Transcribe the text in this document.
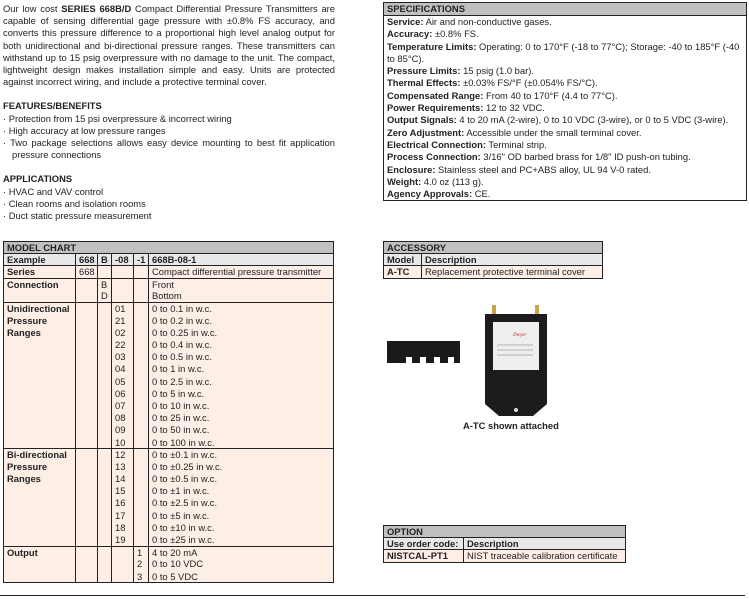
Our low cost SERIES 668B/D Compact Differential Pressure Transmitters are capable of sensing differential gage pressure with ±0.8% FS accuracy, and converts this pressure difference to a proportional high level analog output for both unidirectional and bi-directional pressure ranges. These transmitters can withstand up to 15 psig overpressure with no damage to the unit. The compact, lightweight design makes installation simple and easy. Units are protected against incorrect wiring, and include a protective terminal cover.

FEATURES/BENEFITS
· Protection from 15 psi overpressure & incorrect wiring
· High accuracy at low pressure ranges
· Two package selections allows easy device mounting to best fit application pressure connections
APPLICATIONS
· HVAC and VAV control
· Clean rooms and isolation rooms
· Duct static pressure measurement
SPECIFICATIONS
Service: Air and non-conductive gases.
Accuracy: ±0.8% FS.
Temperature Limits: Operating: 0 to 170°F (-18 to 77°C); Storage: -40 to 185°F (-40 to 85°C).
Pressure Limits: 15 psig (1.0 bar).
Thermal Effects: ±0.03% FS/°F (±0.054% FS/°C).
Compensated Range: From 40 to 170°F (4.4 to 77°C).
Power Requirements: 12 to 32 VDC.
Output Signals: 4 to 20 mA (2-wire), 0 to 10 VDC (3-wire), or 0 to 5 VDC (3-wire).
Zero Adjustment: Accessible under the small terminal cover.
Electrical Connection: Terminal strip.
Process Connection: 3/16" OD barbed brass for 1/8" ID push-on tubing.
Enclosure: Stainless steel and PC+ABS alloy, UL 94 V-0 rated.
Weight: 4.0 oz (113 g).
Agency Approvals: CE.
MODEL CHART					
Example	668	B	-08	-1	668B-08-1
Series	668				Compact differential pressure transmitter
Connection		B			Front
		D			Bottom
Unidirectional			01		0 to 0.1 in w.c.
Pressure			21		0 to 0.2 in w.c.
Ranges			02		0 to 0.25 in w.c.
			22		0 to 0.4 in w.c.
			03		0 to 0.5 in w.c.
			04		0 to 1 in w.c.
			05		0 to 2.5 in w.c.
			06		0 to 5 in w.c.
			07		0 to 10 in w.c.
			08		0 to 25 in w.c.
			09		0 to 50 in w.c.
			10		0 to 100 in w.c.
Bi-directional			12		0 to ±0.1 in w.c.
Pressure			13		0 to ±0.25 in w.c.
Ranges			14		0 to ±0.5 in w.c.
			15		0 to ±1 in w.c.
			16		0 to ±2.5 in w.c.
			17		0 to ±5 in w.c.
			18		0 to ±10 in w.c.
			19		0 to ±25 in w.c.
Output				1	4 to 20 mA
				2	0 to 10 VDC
				3	0 to 5 VDC
ACCESSORY	
Model	Description
A-TC	Replacement protective terminal cover
Dwyer
A-TC shown attached
OPTION	
Use order code:	Description
NISTCAL-PT1	NIST traceable calibration certificate
